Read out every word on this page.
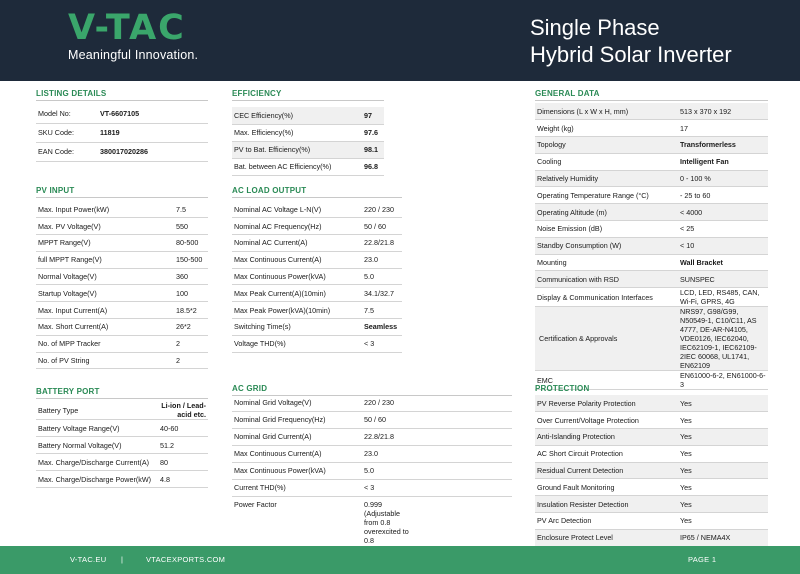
V-TAC
Meaningful Innovation.
Single Phase
Hybrid Solar Inverter
LISTING DETAILS
Model No:	VT-6607105
SKU Code:	11819
EAN Code:	380017020286
PV INPUT
Max. Input Power(kW)	7.5
Max. PV Voltage(V)	550
MPPT Range(V)	80-500
full MPPT Range(V)	150-500
Normal Voltage(V)	360
Startup Voltage(V)	100
Max. Input Current(A)	18.5*2
Max. Short Current(A)	26*2
No. of MPP Tracker	2
No. of PV String	2
BATTERY PORT
Battery Type	Li-ion / Lead-acid etc.
Battery Voltage Range(V)	40-60
Battery Normal Voltage(V)	51.2
Max. Charge/Discharge Current(A)	80
Max. Charge/Discharge Power(kW)	4.8
EFFICIENCY
CEC Efficiency(%)	97
Max. Efficiency(%)	97.6
PV to Bat. Efficiency(%)	98.1
Bat. between AC Efficiency(%)	96.8
AC LOAD OUTPUT
Nominal AC Voltage L-N(V)	220 / 230
Nominal AC Frequency(Hz)	50 / 60
Nominal AC Current(A)	22.8/21.8
Max Continuous Current(A)	23.0
Max Continuous Power(kVA)	5.0
Max Peak Current(A)(10min)	34.1/32.7
Max Peak Power(kVA)(10min)	7.5
Switching Time(s)	Seamless
Voltage THD(%)	< 3
AC GRID
Nominal Grid Voltage(V)	220 / 230
Nominal Grid Frequency(Hz)	50 / 60
Nominal Grid Current(A)	22.8/21.8
Max Continuous Current(A)	23.0
Max Continuous Power(kVA)	5.0
Current THD(%)	< 3
Power Factor	0.999 (Adjustable from 0.8 overexcited to 0.8
GENERAL DATA
Dimensions (L x W x H, mm)	513 x 370 x 192
Weight (kg)	17
Topology	Transformerless
Cooling	Intelligent Fan
Relatively Humidity	0 - 100 %
Operating Temperature Range (°C)	- 25 to 60
Operating Altitude (m)	< 4000
Noise Emission (dB)	< 25
Standby Consumption (W)	< 10
Mounting	Wall Bracket
Communication with RSD	SUNSPEC
Display & Communication Interfaces	LCD, LED, RS485, CAN, Wi-Fi, GPRS, 4G
Certification & Approvals	NRS97, G98/G99, N50549-1, C10/C11, AS 4777, DE-AR-N4105, VDE0126, IEC62040, IEC62109-1, IEC62109-2IEC 60068, UL1741, EN62109
EMC	EN61000-6-2, EN61000-6-3
PROTECTION
PV Reverse Polarity Protection	Yes
Over Current/Voltage Protection	Yes
Anti-Islanding Protection	Yes
AC Short Circuit Protection	Yes
Residual Current Detection	Yes
Ground Fault Monitoring	Yes
Insulation Resister Detection	Yes
PV Arc Detection	Yes
Enclosure Protect Level	IP65 / NEMA4X
V-TAC.EU |	VTACEXPORTS.COM	PAGE 1
